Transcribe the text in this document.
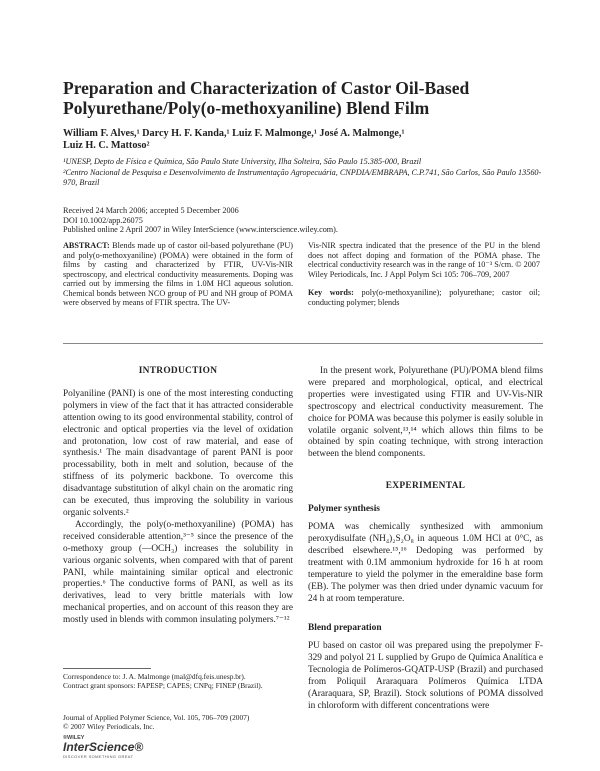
Preparation and Characterization of Castor Oil-Based Polyurethane/Poly(o-methoxyaniline) Blend Film
William F. Alves,¹ Darcy H. F. Kanda,¹ Luiz F. Malmonge,¹ José A. Malmonge,¹
Luiz H. C. Mattoso²
¹UNESP, Depto de Física e Química, São Paulo State University, Ilha Solteira, São Paulo 15.385-000, Brazil
²Centro Nacional de Pesquisa e Desenvolvimento de Instrumentação Agropecuária, CNPDIA/EMBRAPA, C.P.741, São Carlos, São Paulo 13560-970, Brazil
Received 24 March 2006; accepted 5 December 2006
DOI 10.1002/app.26075
Published online 2 April 2007 in Wiley InterScience (www.interscience.wiley.com).
ABSTRACT: Blends made up of castor oil-based polyurethane (PU) and poly(o-methoxyaniline) (POMA) were obtained in the form of films by casting and characterized by FTIR, UV-Vis-NIR spectroscopy, and electrical conductivity measurements. Doping was carried out by immersing the films in 1.0M HCl aqueous solution. Chemical bonds between NCO group of PU and NH group of POMA were observed by means of FTIR spectra. The UV-

Vis-NIR spectra indicated that the presence of the PU in the blend does not affect doping and formation of the POMA phase. The electrical conductivity research was in the range of 10⁻³ S/cm. © 2007 Wiley Periodicals, Inc. J Appl Polym Sci 105: 706–709, 2007

Key words: poly(o-methoxyaniline); polyurethane; castor oil; conducting polymer; blends

INTRODUCTION

Polyaniline (PANI) is one of the most interesting conducting polymers in view of the fact that it has attracted considerable attention owing to its good environmental stability, control of electronic and optical properties via the level of oxidation and protonation, low cost of raw material, and ease of synthesis.¹ The main disadvantage of parent PANI is poor processability, both in melt and solution, because of the stiffness of its polymeric backbone. To overcome this disadvantage substitution of alkyl chain on the aromatic ring can be executed, thus improving the solubility in various organic solvents.²

Accordingly, the poly(o-methoxyaniline) (POMA) has received considerable attention,³⁻⁵ since the presence of the o-methoxy group (—OCH₃) increases the solubility in various organic solvents, when compared with that of parent PANI, while maintaining similar optical and electronic properties.⁶ The conductive forms of PANI, as well as its derivatives, lead to very brittle materials with low mechanical properties, and on account of this reason they are mostly used in blends with common insulating polymers.⁷⁻¹²

In the present work, Polyurethane (PU)/POMA blend films were prepared and morphological, optical, and electrical properties were investigated using FTIR and UV-Vis-NIR spectroscopy and electrical conductivity measurement. The choice for POMA was because this polymer is easily soluble in volatile organic solvent,¹³,¹⁴ which allows thin films to be obtained by spin coating technique, with strong interaction between the blend components.

EXPERIMENTAL
Polymer synthesis

POMA was chemically synthesized with ammonium peroxydisulfate (NH₄)₂S₂O₈ in aqueous 1.0M HCl at 0°C, as described elsewhere.¹⁵,¹⁶ Dedoping was performed by treatment with 0.1M ammonium hydroxide for 16 h at room temperature to yield the polymer in the emeraldine base form (EB). The polymer was then dried under dynamic vacuum for 24 h at room temperature.

Blend preparation

PU based on castor oil was prepared using the prepolymer F-329 and polyol 21 L supplied by Grupo de Química Analítica e Tecnologia de Polímeros-GQATP-USP (Brazil) and purchased from Poliquil Araraquara Polímeros Química LTDA (Araraquara, SP, Brazil). Stock solutions of POMA dissolved in chloroform with different concentrations were

Correspondence to: J. A. Malmonge (mal@dfq.feis.unesp.br).
Contract grant sponsors: FAPESP; CAPES; CNPq; FINEP (Brazil).
Journal of Applied Polymer Science, Vol. 105, 706–709 (2007)
© 2007 Wiley Periodicals, Inc.
®WILEY
InterScience®
DISCOVER SOMETHING GREAT
